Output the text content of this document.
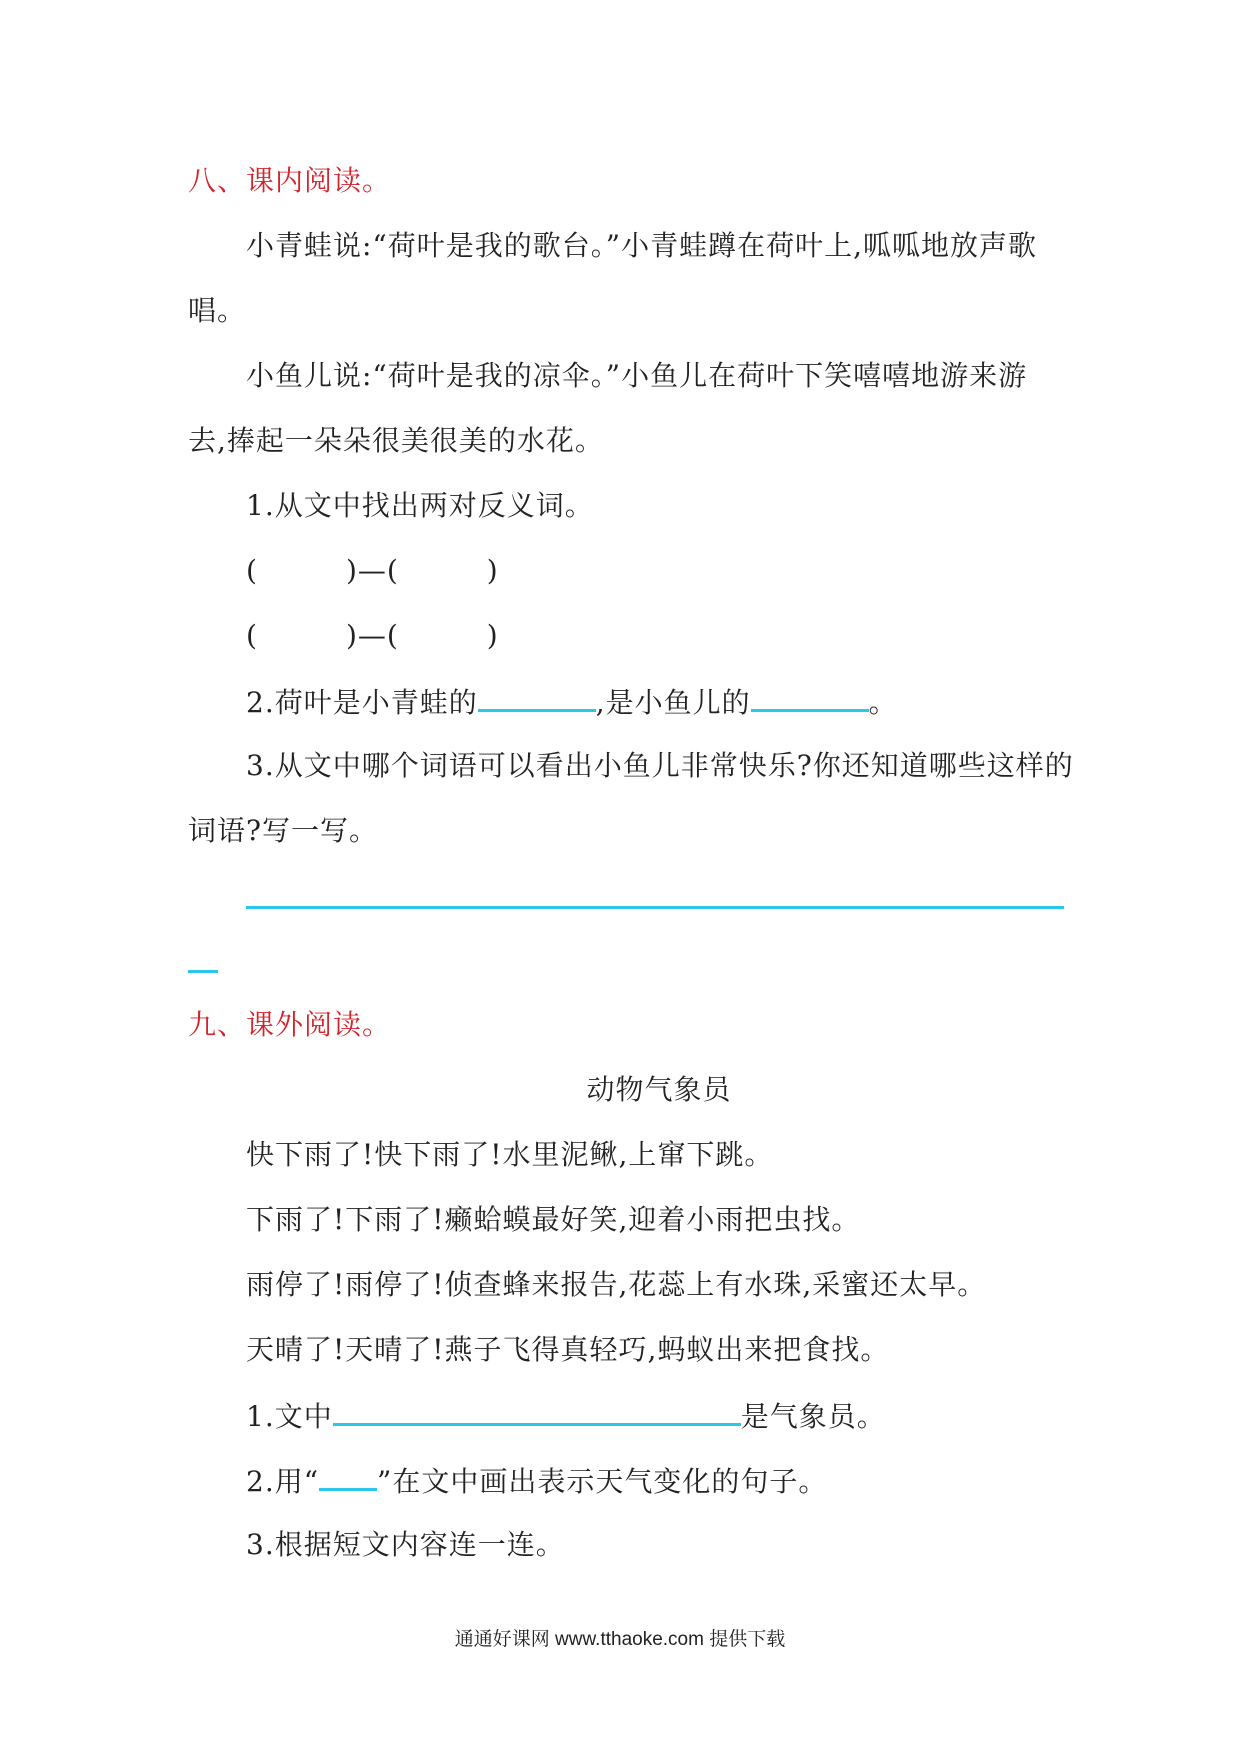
八、课内阅读。
小青蛙说:“荷叶是我的歌台。”小青蛙蹲在荷叶上,呱呱地放声歌
唱。
小鱼儿说:“荷叶是我的凉伞。”小鱼儿在荷叶下笑嘻嘻地游来游
去,捧起一朵朵很美很美的水花。
1.从文中找出两对反义词。
(	)—(	)
(	)—(	)
2.荷叶是小青蛙的	,是小鱼儿的	。
3.从文中哪个词语可以看出小鱼儿非常快乐?你还知道哪些这样的
词语?写一写。
九、课外阅读。
动物气象员
快下雨了!快下雨了!水里泥鳅,上窜下跳。
下雨了!下雨了!癞蛤蟆最好笑,迎着小雨把虫找。
雨停了!雨停了!侦查蜂来报告,花蕊上有水珠,采蜜还太早。
天晴了!天晴了!燕子飞得真轻巧,蚂蚁出来把食找。
1.文中	是气象员。
2.用“ ”在文中画出表示天气变化的句子。
3.根据短文内容连一连。
通通好课网 www.tthaoke.com 提供下载
